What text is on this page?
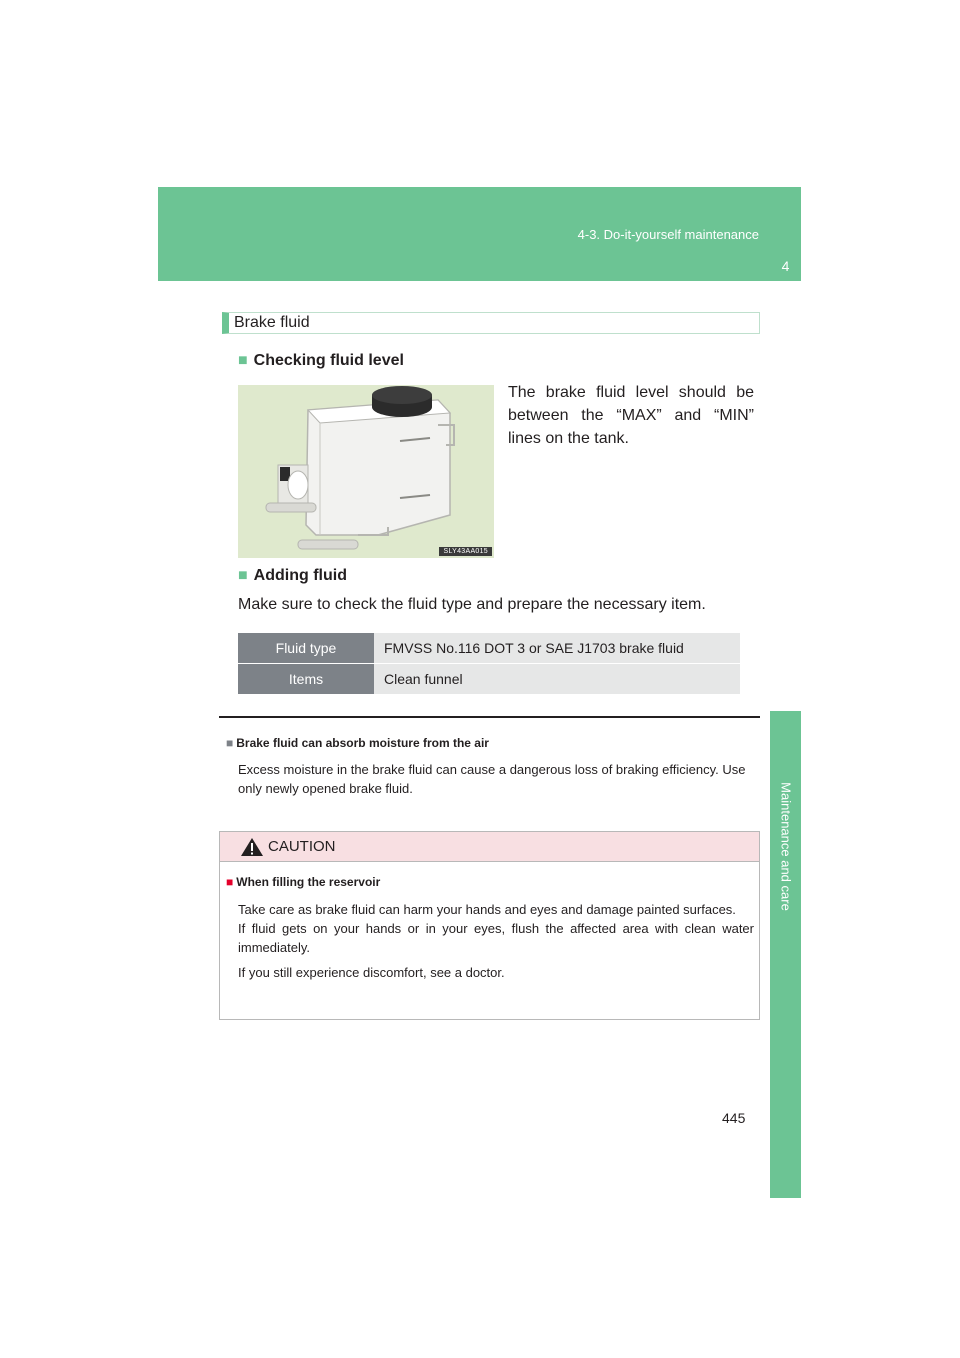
4-3. Do-it-yourself maintenance
4
Maintenance and care
Brake fluid
■ Checking fluid level
SLY43AA015
The brake fluid level should be between the “MAX” and “MIN” lines on the tank.
■ Adding fluid
Make sure to check the fluid type and prepare the necessary item.
Fluid type	FMVSS No.116 DOT 3 or SAE J1703 brake fluid
Items	Clean funnel
■ Brake fluid can absorb moisture from the air
Excess moisture in the brake fluid can cause a dangerous loss of braking efficiency. Use only newly opened brake fluid.
CAUTION
■ When filling the reservoir

Take care as brake fluid can harm your hands and eyes and damage painted surfaces.

If fluid gets on your hands or in your eyes, flush the affected area with clean water immediately.

If you still experience discomfort, see a doctor.

445
